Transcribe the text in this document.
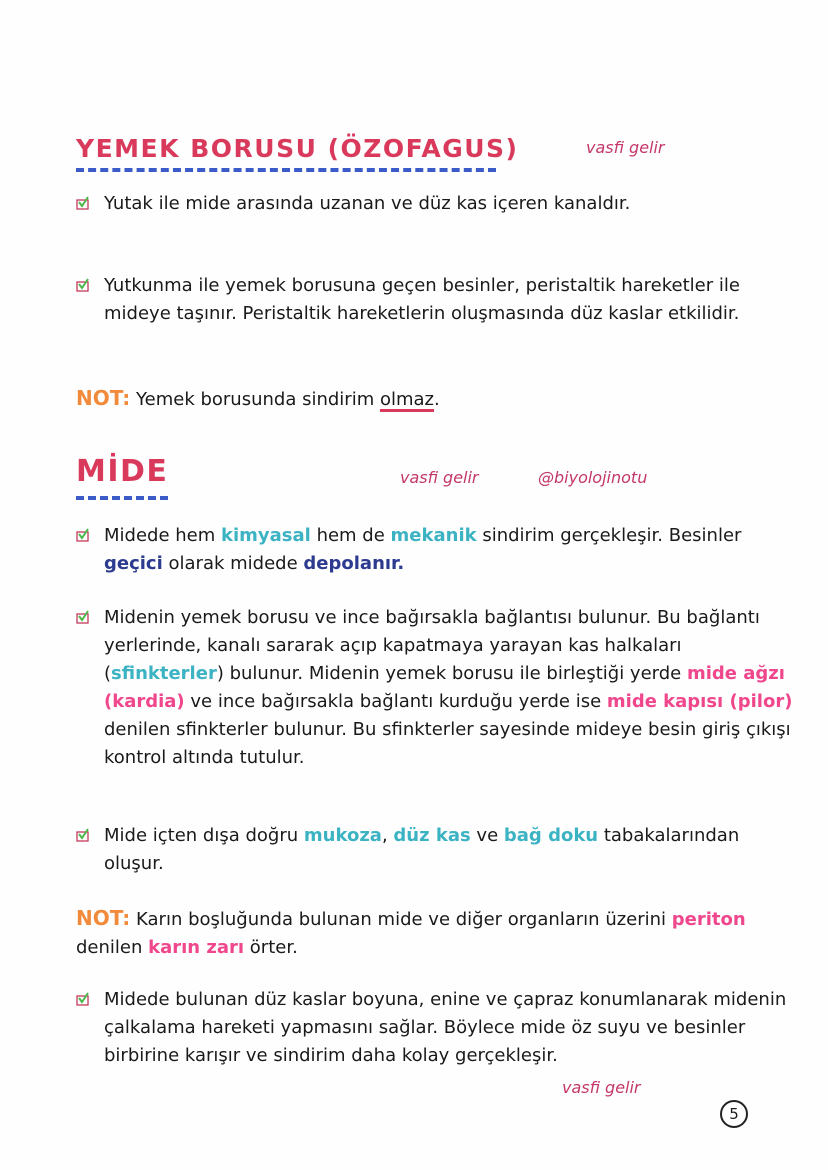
YEMEK BORUSU (ÖZOFAGUS)	vasfi gelir
Yutak ile mide arasında uzanan ve düz kas içeren kanaldır.
Yutkunma ile yemek borusuna geçen besinler, peristaltik hareketler ile mideye taşınır. Peristaltik hareketlerin oluşmasında düz kaslar etkilidir.
NOT: Yemek borusunda sindirim olmaz.
MİDE	vasfi gelir	@biyolojinotu
Midede hem kimyasal hem de mekanik sindirim gerçekleşir. Besinler geçici olarak midede depolanır.
Midenin yemek borusu ve ince bağırsakla bağlantısı bulunur. Bu bağlantı yerlerinde, kanalı sararak açıp kapatmaya yarayan kas halkaları (sfinkterler) bulunur. Midenin yemek borusu ile birleştiği yerde mide ağzı (kardia) ve ince bağırsakla bağlantı kurduğu yerde ise mide kapısı (pilor) denilen sfinkterler bulunur. Bu sfinkterler sayesinde mideye besin giriş çıkışı kontrol altında tutulur.
Mide içten dışa doğru mukoza, düz kas ve bağ doku tabakalarından oluşur.
NOT: Karın boşluğunda bulunan mide ve diğer organların üzerini periton denilen karın zarı örter.
Midede bulunan düz kaslar boyuna, enine ve çapraz konumlanarak midenin çalkalama hareketi yapmasını sağlar. Böylece mide öz suyu ve besinler birbirine karışır ve sindirim daha kolay gerçekleşir.
vasfi gelir
5
